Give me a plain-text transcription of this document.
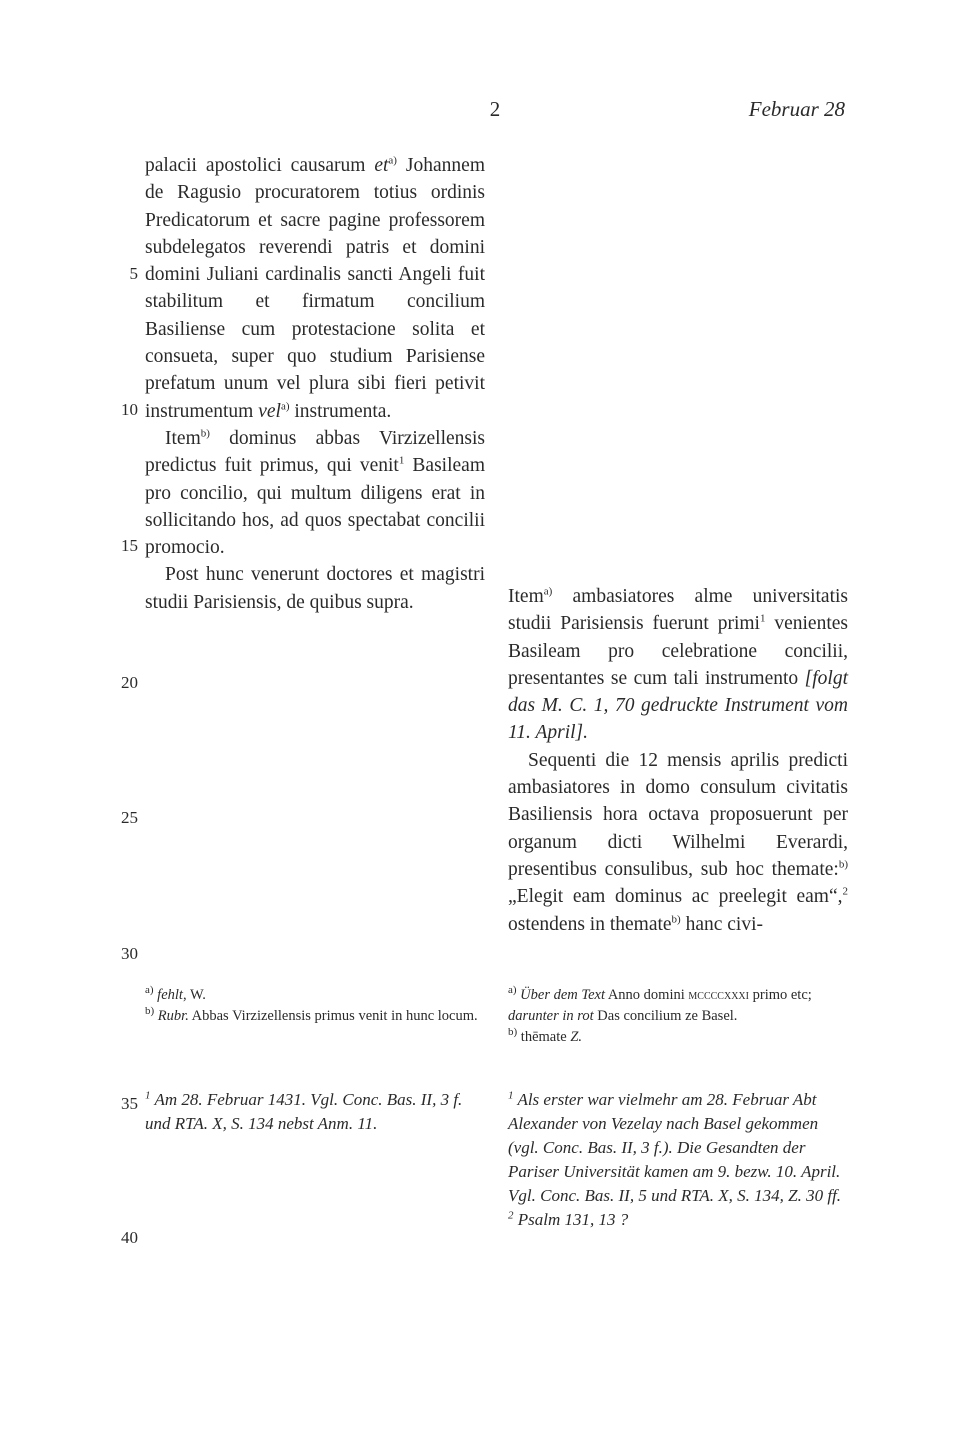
2	Februar 28

palacii apostolici causarum $et^{a)}$ Johannem de Ragusio procuratorem totius ordinis Predicatorum et sacre pagine professorem subdelegatos reverendi patris et domini domini Juliani cardinalis sancti Angeli fuit stabilitum et firmatum concilium Basiliense cum protestacione solita et consueta, super quo studium Parisiense prefatum unum vel plura sibi fieri petivit instrumentum vel$^{a)}$ instrumenta.

Item$^{b)}$ dominus abbas Virzizellensis predictus fuit primus, qui venit$^1$ Basileam pro concilio, qui multum diligens erat in sollicitando hos, ad quos spectabat concilii promocio.

Post hunc venerunt doctores et magistri studii Parisiensis, de quibus supra.	Item$^{a)}$ ambasiatores alme universitatis studii Parisiensis fuerunt primi$^1$ venientes Basileam pro celebratione concilii, presentantes se cum tali instrumento [folgt das M. C. 1, 70 gedruckte Instrument vom 11. April].

Sequenti die 12 mensis aprilis predicti ambasiatores in domo consulum civitatis Basiliensis hora octava proposuerunt per organum dicti Wilhelmi Everardi, presentibus consulibus, sub hoc themate:$^{b)}$ „Elegit eam dominus ac preelegit eam“,$^2$ ostendens in themate$^{b)}$ hanc civi-

5
10
15
20
25
30
35
40
$^{a)}$ fehlt, W.
$^{b)}$ Rubr. Abbas Virzizellensis primus venit in hunc locum.
$^{a)}$ Über dem Text Anno domini mccccxxxi primo etc; darunter in rot Das concilium ze Basel.
$^{b)}$ thēmate Z.
$^1$ Am 28. Februar 1431. Vgl. Conc. Bas. II, 3 f. und RTA. X, S. 134 nebst Anm. 11.
$^1$ Als erster war vielmehr am 28. Februar Abt Alexander von Vezelay nach Basel gekommen (vgl. Conc. Bas. II, 3 f.). Die Gesandten der Pariser Universität kamen am 9. bezw. 10. April. Vgl. Conc. Bas. II, 5 und RTA. X, S. 134, Z. 30 ff.
$^2$ Psalm 131, 13 ?
